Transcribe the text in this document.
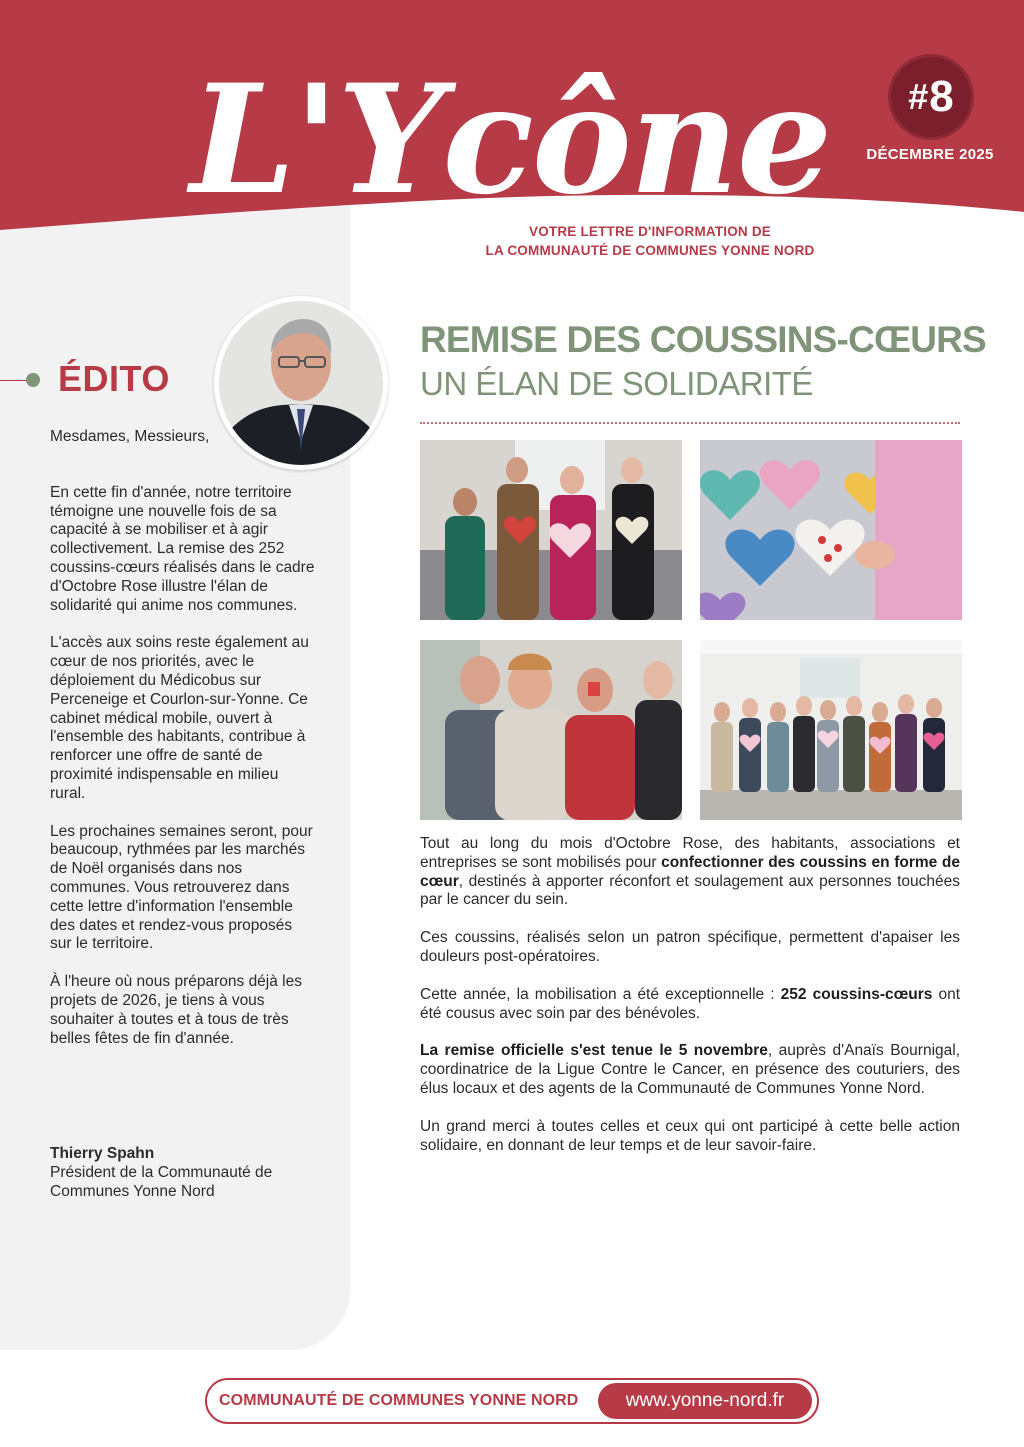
L'Ycône	# 8
DÉCEMBRE 2025
VOTRE LETTRE D'INFORMATION DE
LA COMMUNAUTÉ DE COMMUNES YONNE NORD
ÉDITO

Mesdames, Messieurs,

En cette fin d'année, notre territoire témoigne une nouvelle fois de sa capacité à se mobiliser et à agir collectivement. La remise des 252 coussins-cœurs réalisés dans le cadre d'Octobre Rose illustre l'élan de solidarité qui anime nos communes.

L'accès aux soins reste également au cœur de nos priorités, avec le déploiement du Médicobus sur Perceneige et Courlon-sur-Yonne. Ce cabinet médical mobile, ouvert à l'ensemble des habitants, contribue à renforcer une offre de santé de proximité indispensable en milieu rural.

Les prochaines semaines seront, pour beaucoup, rythmées par les marchés de Noël organisés dans nos communes. Vous retrouverez dans cette lettre d'information l'ensemble des dates et rendez-vous proposés sur le territoire.

À l'heure où nous préparons déjà les projets de 2026, je tiens à vous souhaiter à toutes et à tous de très belles fêtes de fin d'année.

Thierry Spahn
Président de la Communauté de Communes Yonne Nord
REMISE DES COUSSINS-CŒURS
UN ÉLAN DE SOLIDARITÉ

Tout au long du mois d'Octobre Rose, des habitants, associations et entreprises se sont mobilisés pour confectionner des coussins en forme de cœur, destinés à apporter réconfort et soulagement aux personnes touchées par le cancer du sein.

Ces coussins, réalisés selon un patron spécifique, permettent d'apaiser les douleurs post-opératoires.

Cette année, la mobilisation a été exceptionnelle : 252 coussins-cœurs ont été cousus avec soin par des bénévoles.

La remise officielle s'est tenue le 5 novembre, auprès d'Anaïs Bournigal, coordinatrice de la Ligue Contre le Cancer, en présence des couturiers, des élus locaux et des agents de la Communauté de Communes Yonne Nord.

Un grand merci à toutes celles et ceux qui ont participé à cette belle action solidaire, en donnant de leur temps et de leur savoir-faire.

COMMUNAUTÉ DE COMMUNES YONNE NORD	www.yonne-nord.fr
